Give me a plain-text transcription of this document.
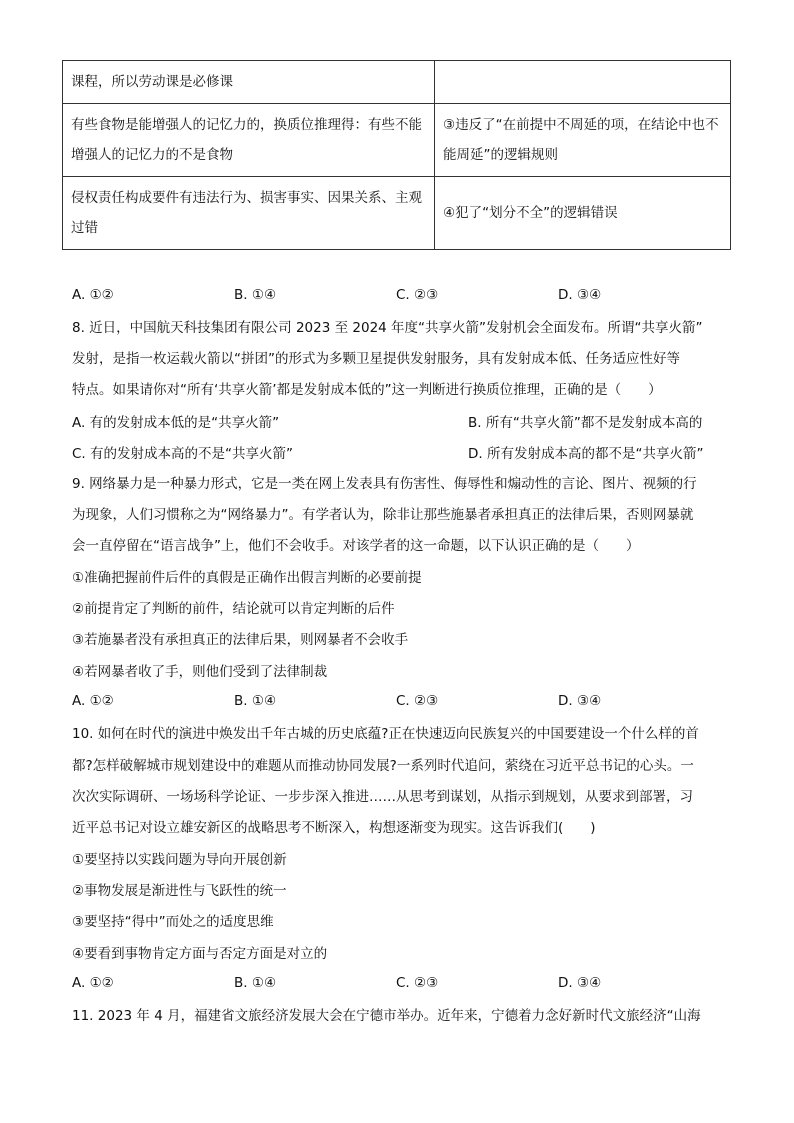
课程，所以劳动课是必修课	
有些食物是能增强人的记忆力的，换质位推理得：有些不能增强人的记忆力的不是食物	③违反了“在前提中不周延的项，在结论中也不能周延”的逻辑规则
侵权责任构成要件有违法行为、损害事实、因果关系、主观过错	④犯了“划分不全”的逻辑错误
A. ①②	B. ①④	C. ②③	D. ③④
8. 近日，中国航天科技集团有限公司 2023 至 2024 年度“共享火箭”发射机会全面发布。所谓“共享火箭”
发射，是指一枚运载火箭以“拼团”的形式为多颗卫星提供发射服务，具有发射成本低、任务适应性好等
特点。如果请你对“所有‘共享火箭’都是发射成本低的”这一判断进行换质位推理，正确的是（　　）
A. 有的发射成本低的是“共享火箭”	B. 所有“共享火箭”都不是发射成本高的
C. 有的发射成本高的不是“共享火箭”	D. 所有发射成本高的都不是“共享火箭”
9. 网络暴力是一种暴力形式，它是一类在网上发表具有伤害性、侮辱性和煽动性的言论、图片、视频的行
为现象，人们习惯称之为“网络暴力”。有学者认为，除非让那些施暴者承担真正的法律后果，否则网暴就
会一直停留在“语言战争”上，他们不会收手。对该学者的这一命题，以下认识正确的是（　　）
①准确把握前件后件的真假是正确作出假言判断的必要前提
②前提肯定了判断的前件，结论就可以肯定判断的后件
③若施暴者没有承担真正的法律后果，则网暴者不会收手
④若网暴者收了手，则他们受到了法律制裁
A. ①②	B. ①④	C. ②③	D. ③④
10. 如何在时代的演进中焕发出千年古城的历史底蕴?正在快速迈向民族复兴的中国要建设一个什么样的首
都?怎样破解城市规划建设中的难题从而推动协同发展?一系列时代追问，萦绕在习近平总书记的心头。一
次次实际调研、一场场科学论证、一步步深入推进……从思考到谋划，从指示到规划，从要求到部署，习
近平总书记对设立雄安新区的战略思考不断深入，构想逐渐变为现实。这告诉我们(　　)
①要坚持以实践问题为导向开展创新
②事物发展是渐进性与飞跃性的统一
③要坚持“得中”而处之的适度思维
④要看到事物肯定方面与否定方面是对立的
A. ①②	B. ①④	C. ②③	D. ③④
11. 2023 年 4 月，福建省文旅经济发展大会在宁德市举办。近年来，宁德着力念好新时代文旅经济“山海
